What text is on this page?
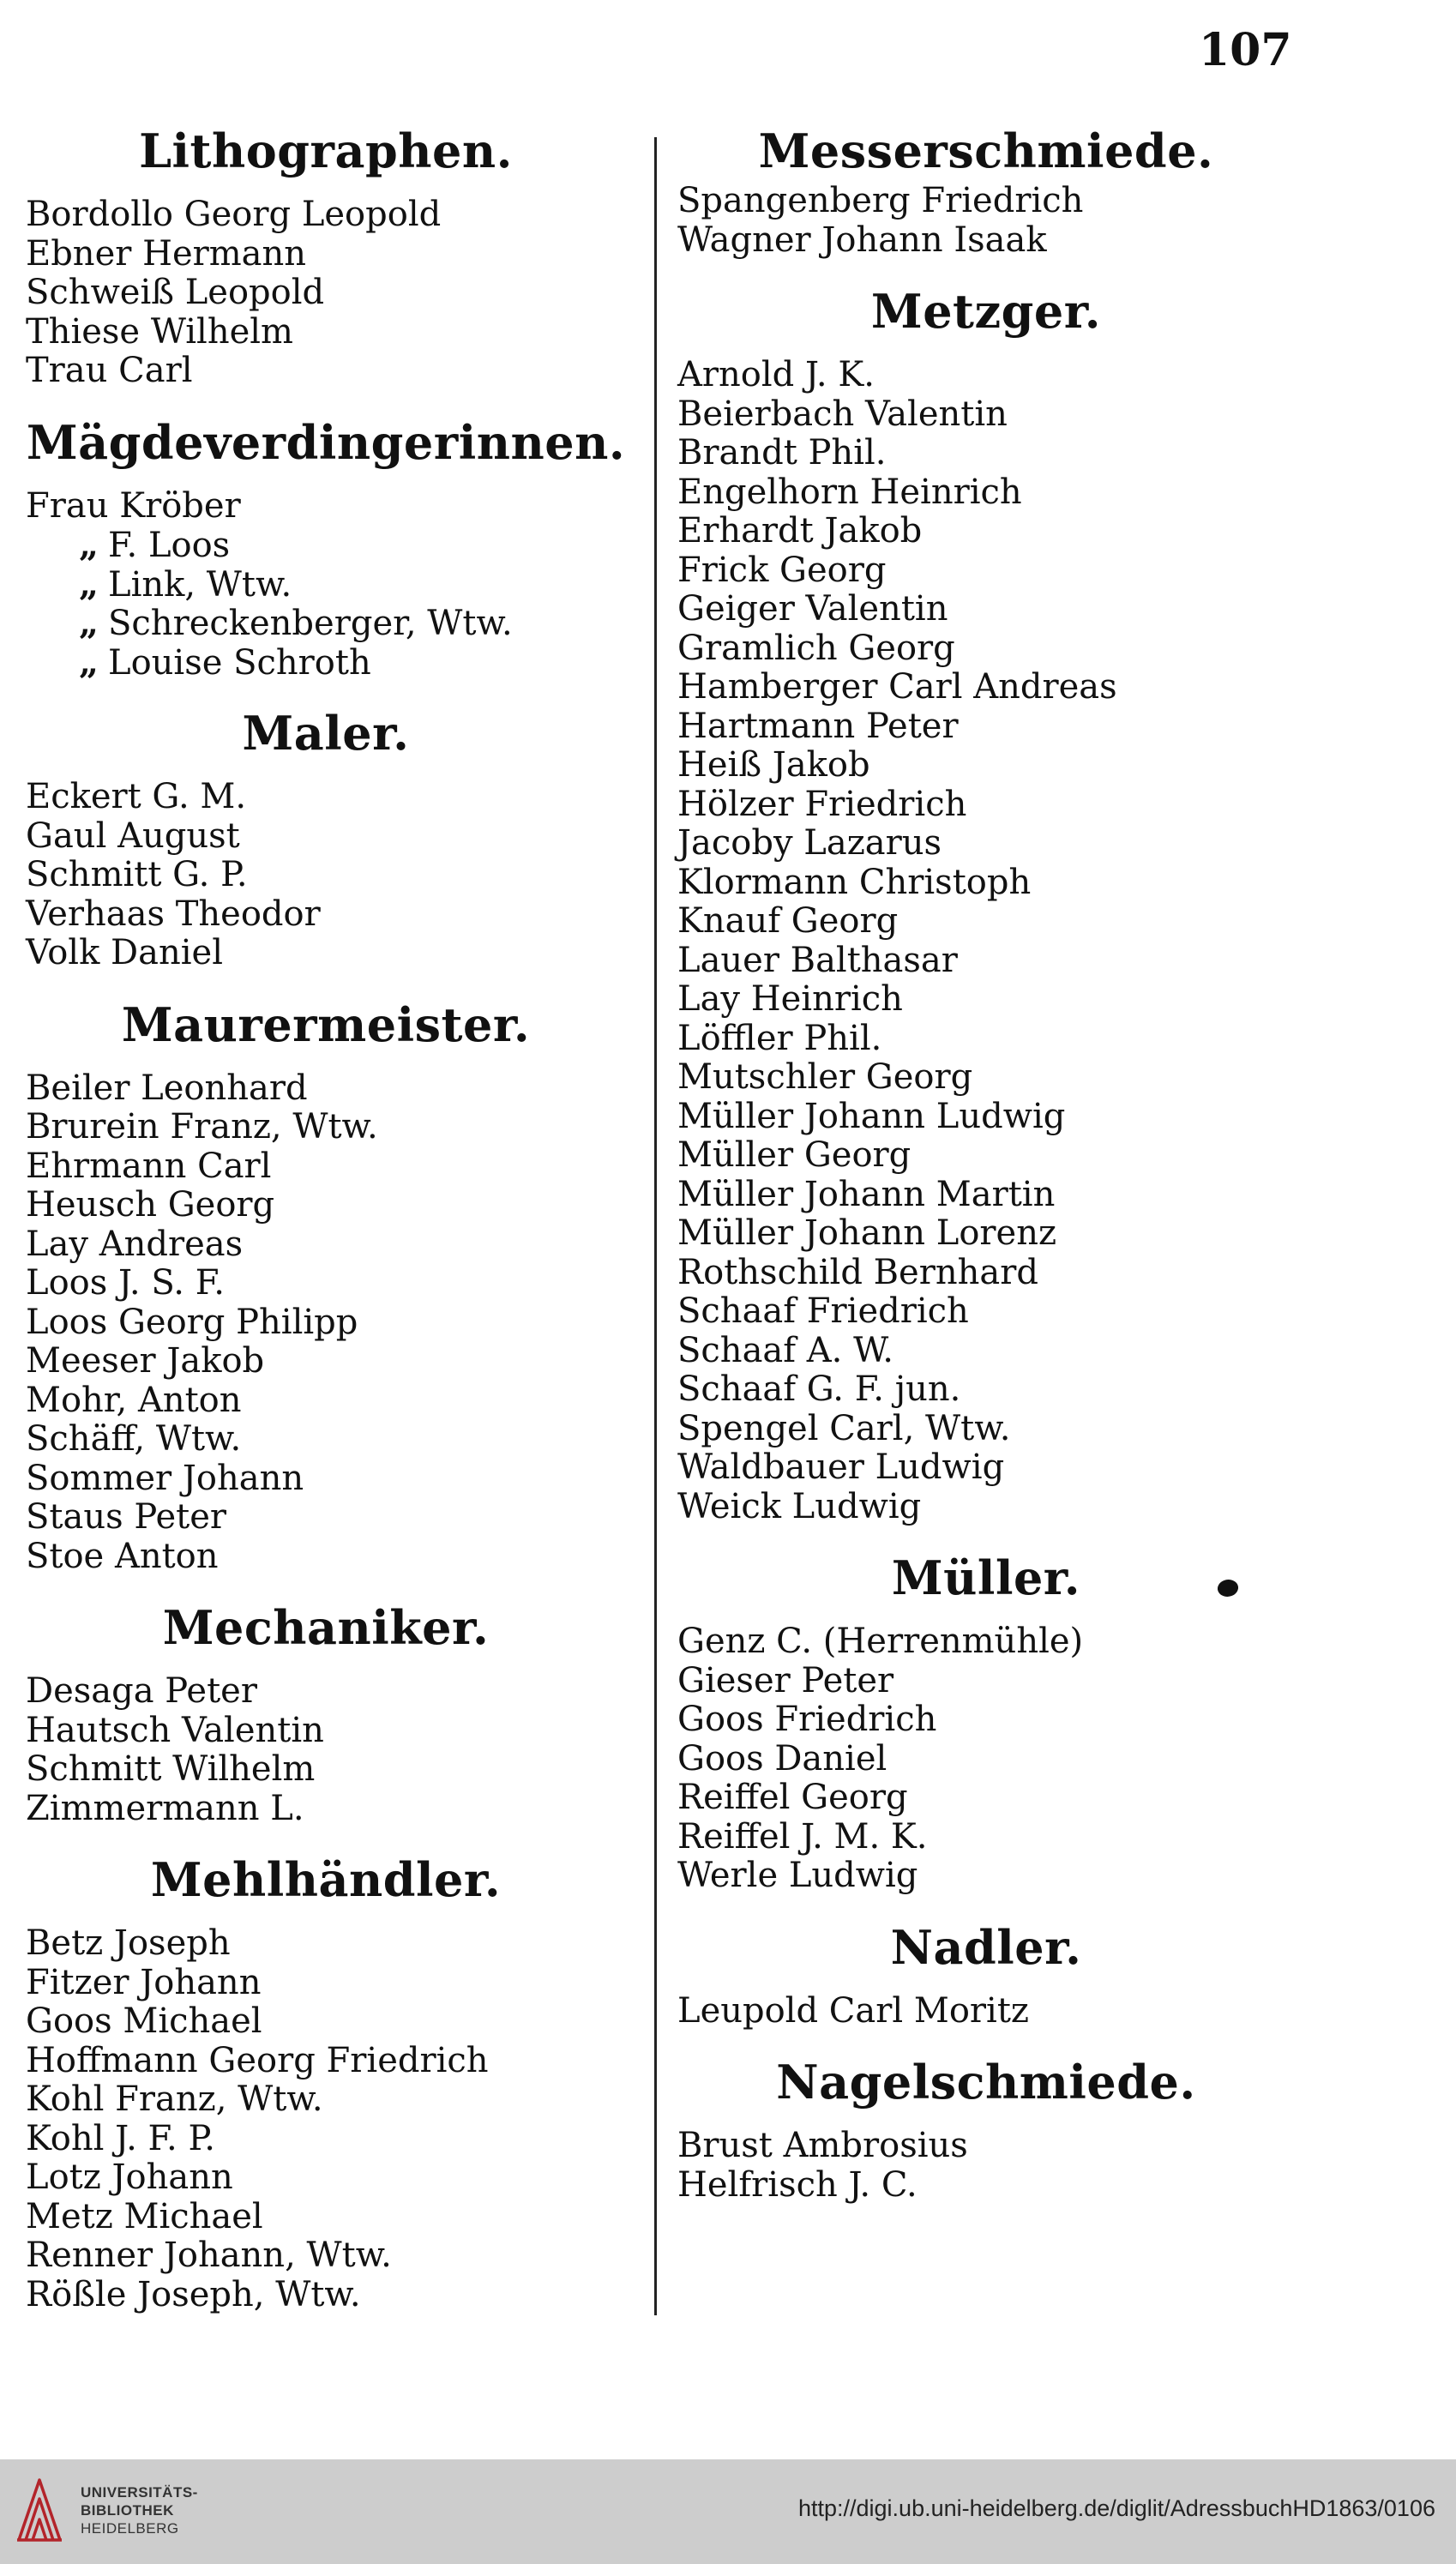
107
Lithographen.
Bordollo Georg Leopold
Ebner Hermann
Schweiß Leopold
Thiese Wilhelm
Trau Carl
Mägdeverdingerinnen.
Frau Kröber
„ F. Loos
„ Link, Wtw.
„ Schreckenberger, Wtw.
„ Louise Schroth
Maler.
Eckert G. M.
Gaul August
Schmitt G. P.
Verhaas Theodor
Volk Daniel
Maurermeister.
Beiler Leonhard
Brurein Franz, Wtw.
Ehrmann Carl
Heusch Georg
Lay Andreas
Loos J. S. F.
Loos Georg Philipp
Meeser Jakob
Mohr, Anton
Schäff, Wtw.
Sommer Johann
Staus Peter
Stoe Anton
Mechaniker.
Desaga Peter
Hautsch Valentin
Schmitt Wilhelm
Zimmermann L.
Mehlhändler.
Betz Joseph
Fitzer Johann
Goos Michael
Hoffmann Georg Friedrich
Kohl Franz, Wtw.
Kohl J. F. P.
Lotz Johann
Metz Michael
Renner Johann, Wtw.
Rößle Joseph, Wtw.
Messerschmiede.
Spangenberg Friedrich
Wagner Johann Isaak
Metzger.
Arnold J. K.
Beierbach Valentin
Brandt Phil.
Engelhorn Heinrich
Erhardt Jakob
Frick Georg
Geiger Valentin
Gramlich Georg
Hamberger Carl Andreas
Hartmann Peter
Heiß Jakob
Hölzer Friedrich
Jacoby Lazarus
Klormann Christoph
Knauf Georg
Lauer Balthasar
Lay Heinrich
Löffler Phil.
Mutschler Georg
Müller Johann Ludwig
Müller Georg
Müller Johann Martin
Müller Johann Lorenz
Rothschild Bernhard
Schaaf Friedrich
Schaaf A. W.
Schaaf G. F. jun.
Spengel Carl, Wtw.
Waldbauer Ludwig
Weick Ludwig
Müller.
Genz C. (Herrenmühle)
Gieser Peter
Goos Friedrich
Goos Daniel
Reiffel Georg
Reiffel J. M. K.
Werle Ludwig
Nadler.
Leupold Carl Moritz
Nagelschmiede.
Brust Ambrosius
Helfrisch J. C.
UNIVERSITÄTS-
BIBLIOTHEK
HEIDELBERG
http://digi.ub.uni-heidelberg.de/diglit/AdressbuchHD1863/0106
